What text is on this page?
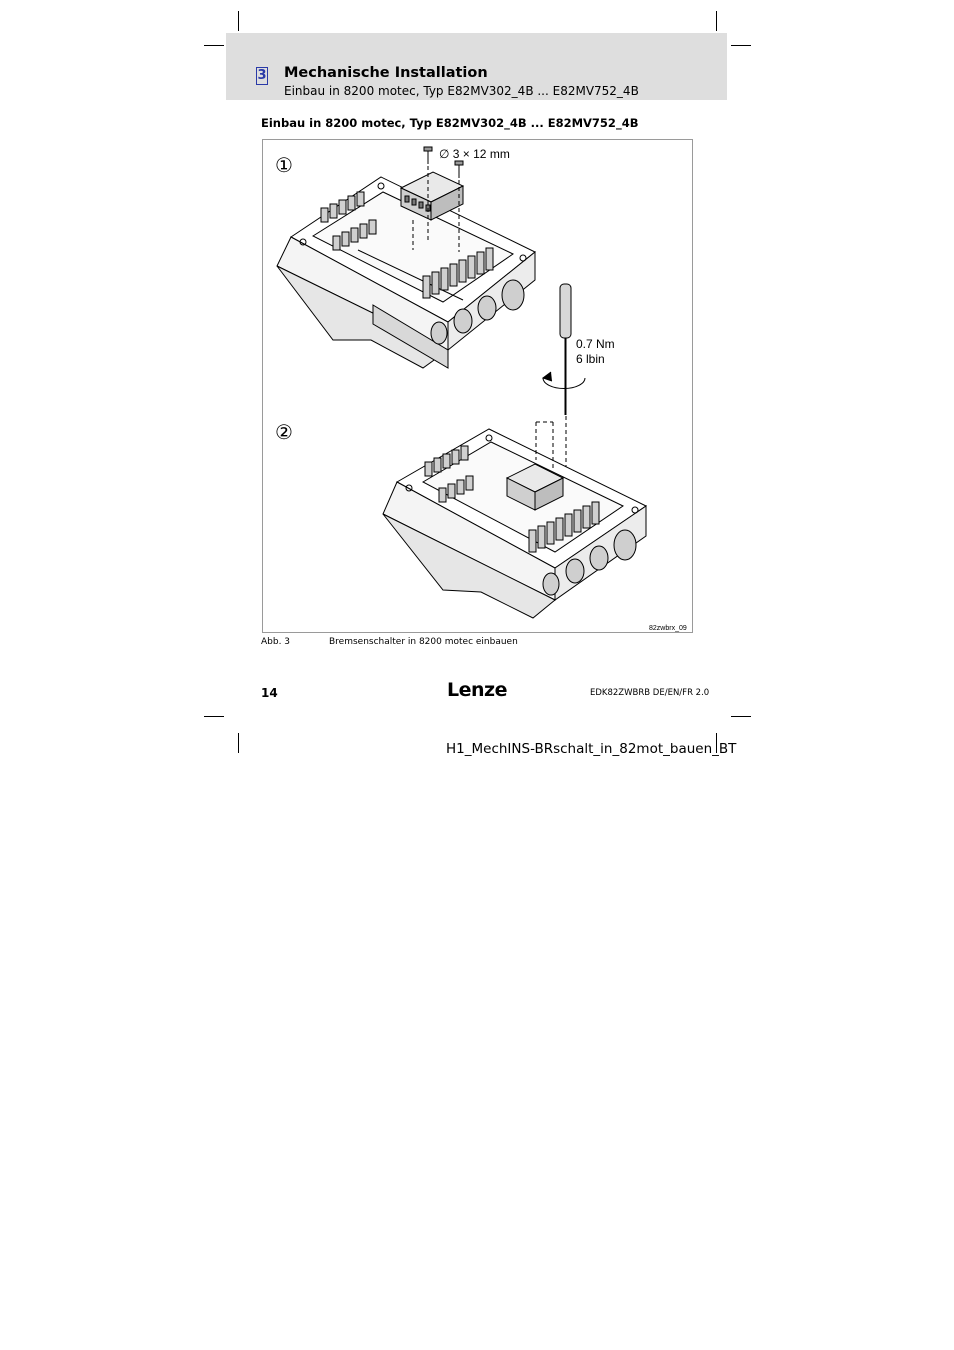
3 Mechanische Installation
Einbau in 8200 motec, Typ E82MV302_4B ... E82MV752_4B
Einbau in 8200 motec, Typ E82MV302_4B ... E82MV752_4B
①
②
∅ 3 × 12 mm
0.7 Nm
6 lbin
82zwbrx_09
Abb. 3	Bremsenschalter in 8200 motec einbauen
14	Lenze	EDK82ZWBRB DE/EN/FR 2.0
H1_MechINS-BRschalt_in_82mot_bauen_BT
